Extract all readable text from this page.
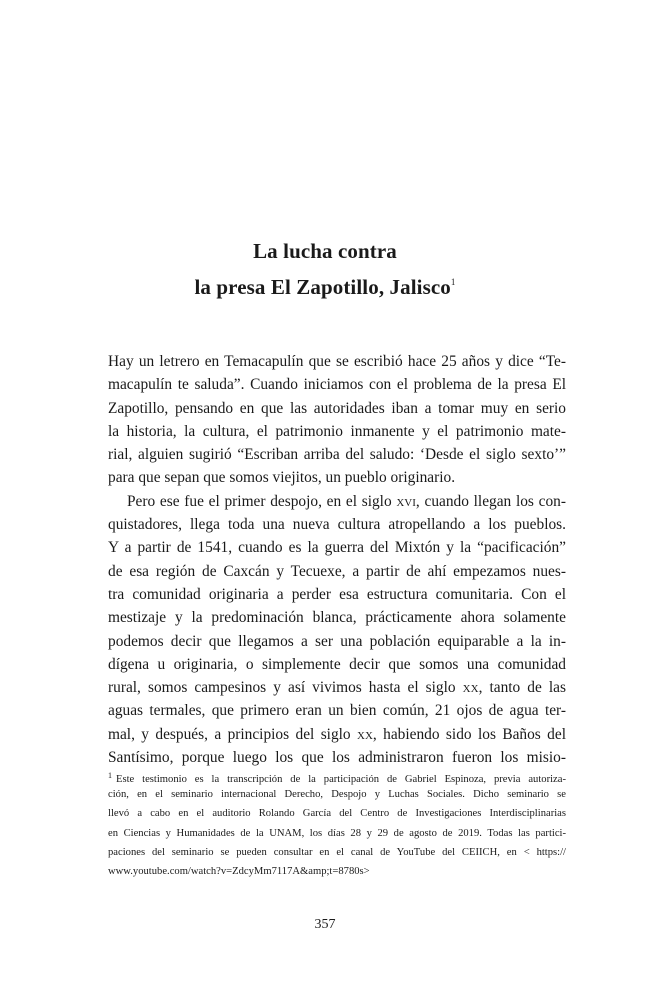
La lucha contra
la presa El Zapotillo, Jalisco$^1$
Hay un letrero en Temacapulín que se escribió hace 25 años y dice “Te-
macapulín te saluda”. Cuando iniciamos con el problema de la presa El
Zapotillo, pensando en que las autoridades iban a tomar muy en serio
la historia, la cultura, el patrimonio inmanente y el patrimonio mate-
rial, alguien sugirió “Escriban arriba del saludo: ‘Desde el siglo sexto’”
para que sepan que somos viejitos, un pueblo originario.
Pero ese fue el primer despojo, en el siglo xvi, cuando llegan los con-
quistadores, llega toda una nueva cultura atropellando a los pueblos.
Y a partir de 1541, cuando es la guerra del Mixtón y la “pacificación”
de esa región de Caxcán y Tecuexe, a partir de ahí empezamos nues-
tra comunidad originaria a perder esa estructura comunitaria. Con el
mestizaje y la predominación blanca, prácticamente ahora solamente
podemos decir que llegamos a ser una población equiparable a la in-
dígena u originaria, o simplemente decir que somos una comunidad
rural, somos campesinos y así vivimos hasta el siglo xx, tanto de las
aguas termales, que primero eran un bien común, 21 ojos de agua ter-
mal, y después, a principios del siglo xx, habiendo sido los Baños del
Santísimo, porque luego los que los administraron fueron los misio-
$^1$ Este testimonio es la transcripción de la participación de Gabriel Espinoza, previa autoriza-
ción, en el seminario internacional Derecho, Despojo y Luchas Sociales. Dicho seminario se
llevó a cabo en el auditorio Rolando García del Centro de Investigaciones Interdisciplinarias
en Ciencias y Humanidades de la UNAM, los días 28 y 29 de agosto de 2019. Todas las partici-
paciones del seminario se pueden consultar en el canal de YouTube del CEIICH, en < https://
www.youtube.com/watch?v=ZdcyMm7117A&amp;t=8780s>
357
